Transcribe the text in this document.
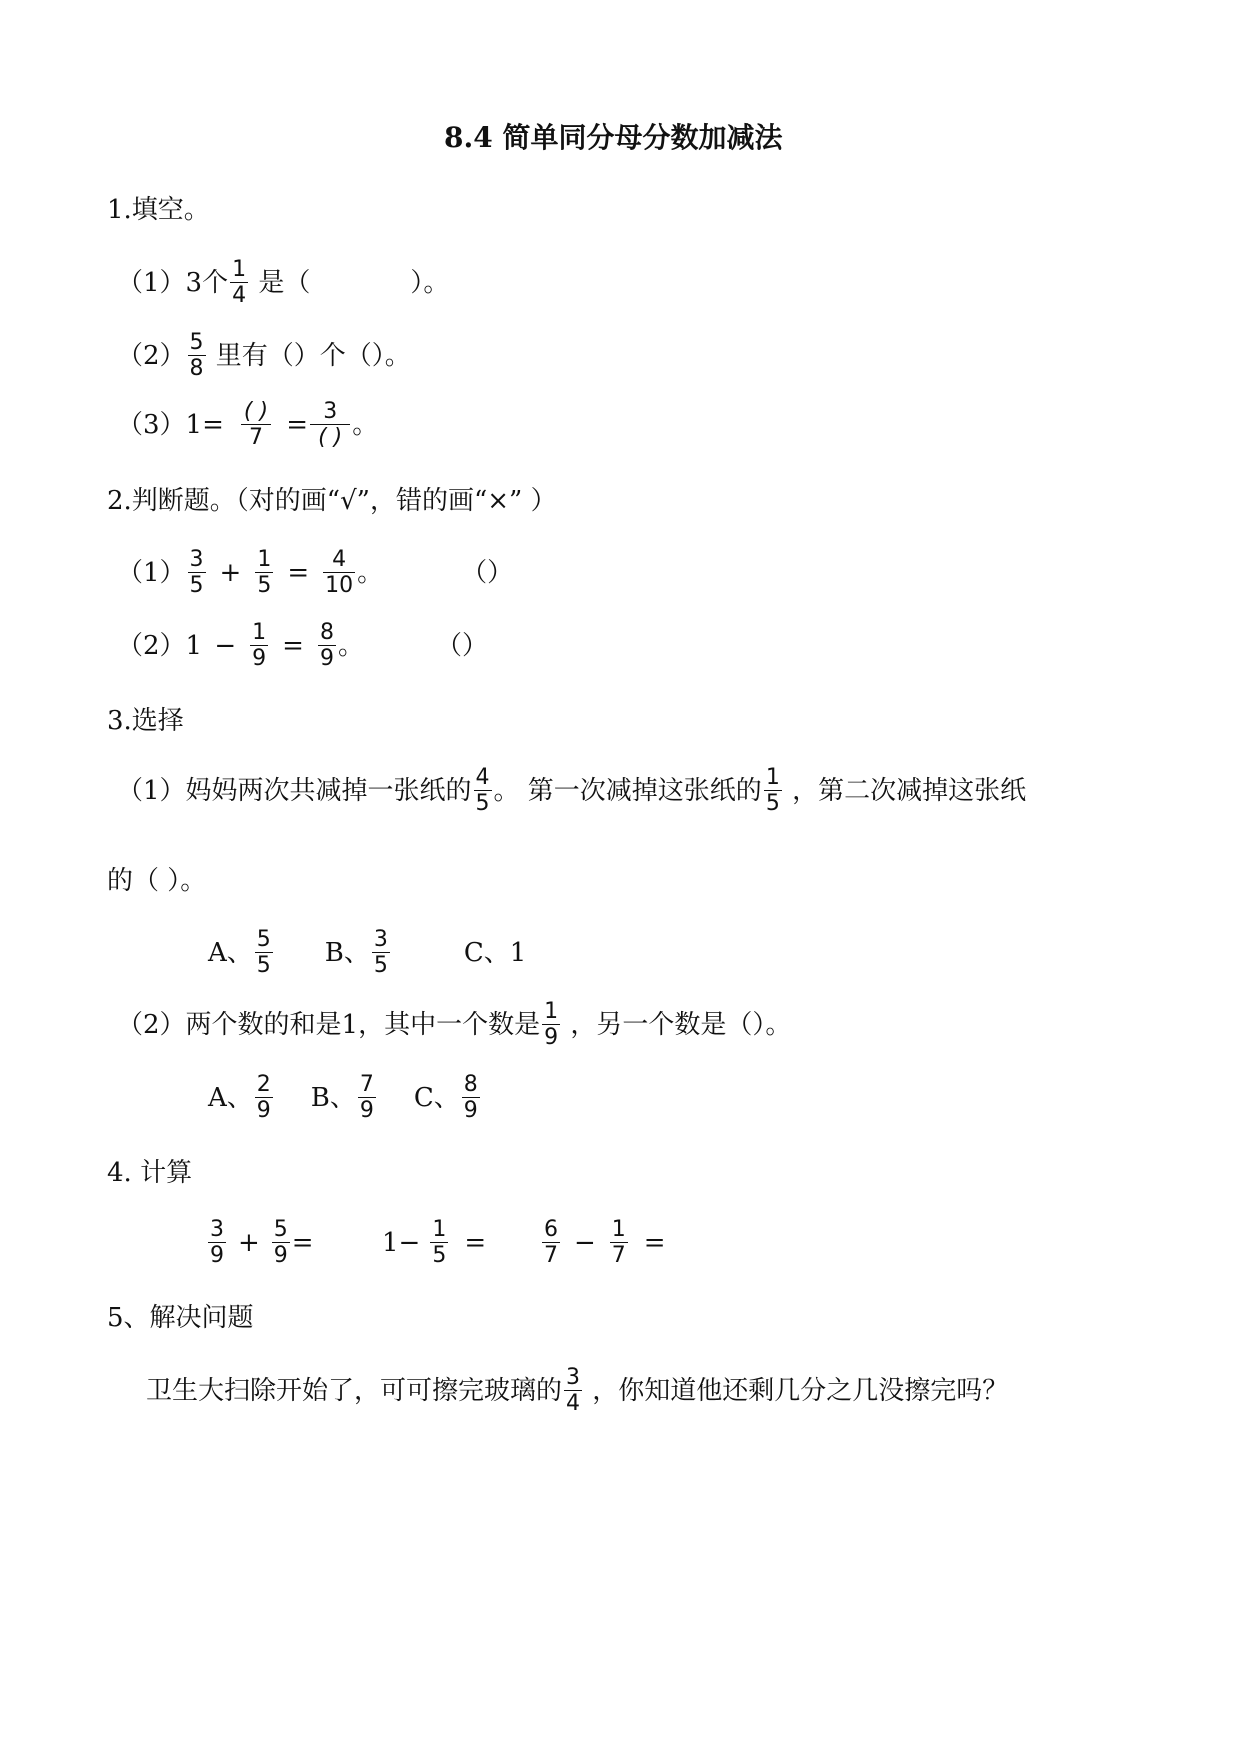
8.4 简单同分母分数加减法
1.填空。
（1）3个 $\frac{1}{4}$ 是（	）。
$(2) \frac{5}{8}$ 里有（）个（）。
$(3)1= \frac{( )}{7} = \frac{3}{( )}$ 。
2.判断题。（对的画“√”，错的画“×” ）
$(1) \frac{3}{5} + \frac{1}{5} = \frac{4}{10}$ 。	（）
$(2)1 - \frac{1}{9} = \frac{8}{9}$ 。	（）
3.选择
（1）妈妈两次共减掉一张纸的 $\frac{4}{5}$ 。 第一次减掉这张纸的 $\frac{1}{5}$ ，第二次减掉这张纸
的（ ）。
A、 $\frac{5}{5}$ B、 $\frac{3}{5}$	C、1
（2）两个数的和是1，其中一个数是 $\frac{1}{9}$ ，另一个数是（）。
A、 $\frac{2}{9}$ B、 $\frac{7}{9}$ C、 $\frac{8}{9}$
4. 计算
$\frac{3}{9} + \frac{5}{9}$ =	$1- \frac{1}{5}$ =	$\frac{6}{7} - \frac{1}{7}$ =
5、解决问题
卫生大扫除开始了，可可擦完玻璃的 $\frac{3}{4}$ ，你知道他还剩几分之几没擦完吗？
